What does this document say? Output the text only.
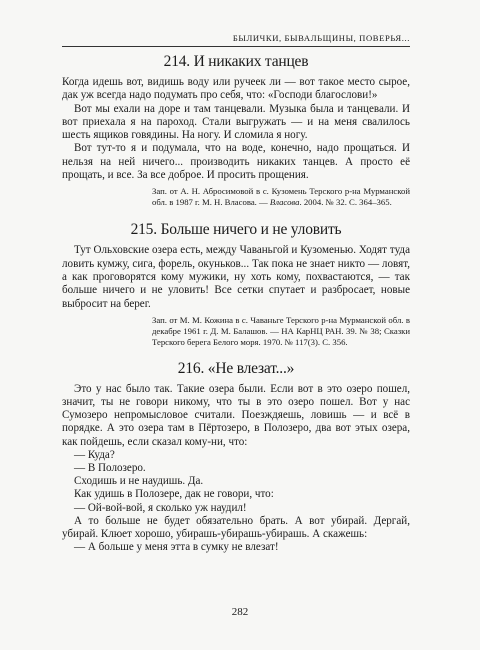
БЫЛИЧКИ, БЫВАЛЬЩИНЫ, ПОВЕРЬЯ...
214. И никаких танцев

Когда идешь вот, видишь воду или ручеек ли — вот такое место сырое, дак уж всегда надо подумать про себя, что: «Господи благослови!»

Вот мы ехали на доре и там танцевали. Музыка была и танцевали. И вот приехала я на пароход. Стали выгружать — и на меня свалилось шесть ящиков говядины. На ногу. И сломила я ногу.

Вот тут-то я и подумала, что на воде, конечно, надо прощаться. И нельзя на ней ничего... производить никаких танцев. А просто её прощать, и все. За все доброе. И просить прощения.

Зап. от А. Н. Абросимовой в с. Кузомень Терского р-на Мурманской обл. в 1987 г. М. Н. Власова. — Власова. 2004. № 32. С. 364–365.
215. Больше ничего и не уловить

Тут Ольховские озера есть, между Чаваньгой и Кузоменью. Ходят туда ловить кумжу, сига, форель, окуньков... Так пока не знает никто — ловят, а как проговорятся кому мужики, ну хоть кому, похвастаются, — так больше ничего и не уловить! Все сетки спутает и разбросает, новые выбросит на берег.

Зап. от М. М. Кожина в с. Чаваньге Терского р-на Мурманской обл. в декабре 1961 г. Д. М. Балашов. — НА КарНЦ РАН. 39. № 38; Сказки Терского берега Белого моря. 1970. № 117(3). С. 356.
216. «Не влезат...»

Это у нас было так. Такие озера были. Если вот в это озеро пошел, значит, ты не говори никому, что ты в это озеро пошел. Вот у нас Сумозеро непромысловое считали. Поезждяешь, ловишь — и всё в порядке. А это озера там в Пёртозеро, в Полозеро, два вот этых озера, как пойдешь, если сказал кому-ни, что:

— Куда?

— В Полозеро.

Сходишь и не наудишь. Да.

Как удишь в Полозере, дак не говори, что:

— Ой-вой-вой, я сколько уж наудил!

А то больше не будет обязательно брать. А вот убирай. Дергай, убирай. Клюет хорошо, убирашь-убирашь-убирашь. А скажешь:

— А больше у меня этта в сумку не влезат!

282
